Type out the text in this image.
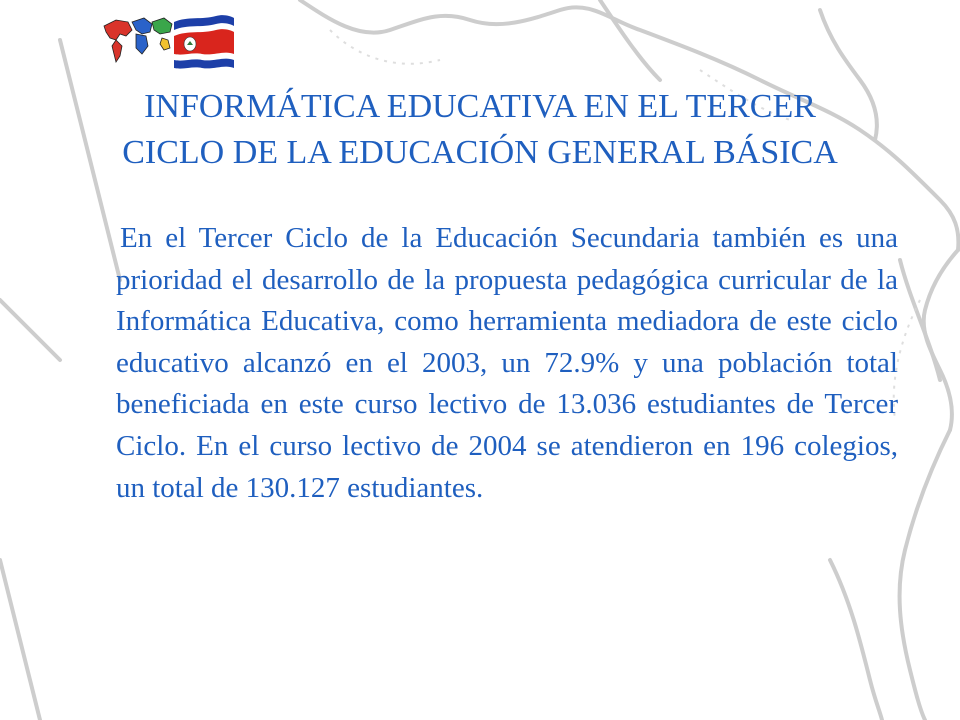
INFORMÁTICA EDUCATIVA EN EL TERCER
CICLO DE LA EDUCACIÓN GENERAL BÁSICA

En el Tercer Ciclo de la Educación Secundaria también es una prioridad el desarrollo de la propuesta pedagógica curricular de la Informática Educativa, como herramienta mediadora de este ciclo educativo alcanzó en el 2003, un 72.9% y una población total beneficiada en este curso lectivo de 13.036 estudiantes de Tercer Ciclo. En el curso lectivo de 2004 se atendieron en 196 colegios, un total de 130.127 estudiantes.
